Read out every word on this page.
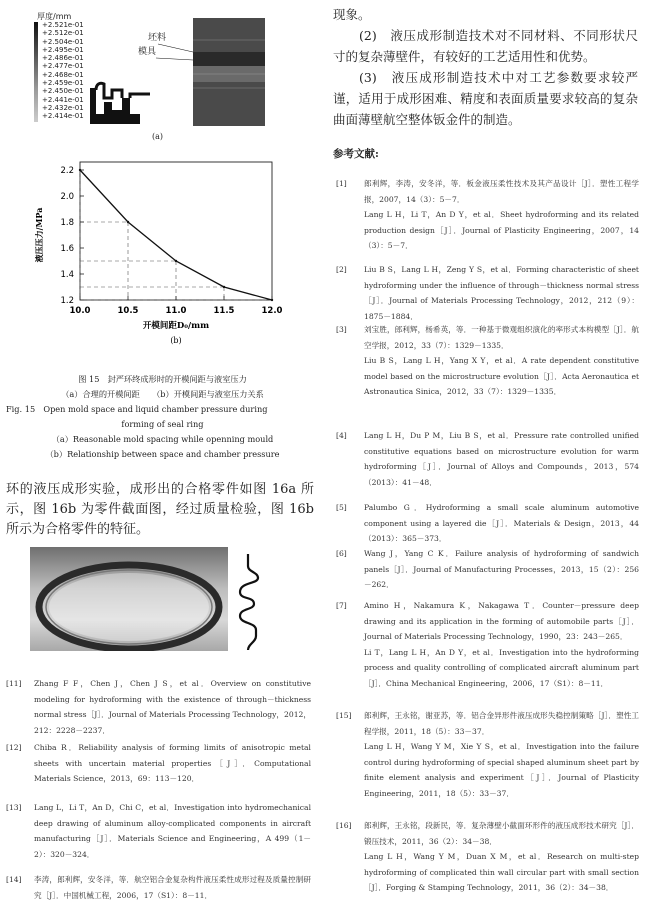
厚度/mm
+2.521e-01
+2.512e-01
+2.504e-01
+2.495e-01
+2.486e-01
+2.477e-01
+2.468e-01
+2.459e-01
+2.450e-01
+2.441e-01
+2.432e-01
+2.414e-01
坯料
模具
(a)
1.2
1.4
1.6
1.8
2.0
2.2
10.0	10.5	11.0	11.5	12.0
开模间距D₀/mm
液压压力/MPa
(b)
图 15　封严环终成形时的开模间距与液室压力
（a）合理的开模间距　　（b）开模间距与液室压力关系
Fig. 15　Open mold space and liquid chamber pressure during
forming of seal ring
（a）Reasonable mold spacing while openning mould
（b）Relationship between space and chamber pressure
环的液压成形实验，成形出的合格零件如图 16a 所示，图 16b 为零件截面图，经过质量检验，图 16b 所示为合格零件的特征。
[11] Zhang F F，Chen J，Chen J S，et al．Overview on constitutive modeling for hydroforming with the existence of through－thickness normal stress［J］．Journal of Materials Processing Technology，2012，212：2228－2237．
[12] Chiba R．Reliability analysis of forming limits of anisotropic metal sheets with uncertain material properties［J］．Computational Materials Science，2013，69：113－120．
[13] Lang L，Li T，An D，Chi C，et al．Investigation into hydromechanical deep drawing of aluminum alloy-complicated components in aircraft manufacturing［J］．Materials Science and Engineering，A 499（1－2）：320－324．
[14] 李涛，郎利辉，安冬洋，等．航空铝合金复杂构件液压柔性成形过程及质量控制研究［J］．中国机械工程，2006，17（S1）：8－11．
现象。
(2)　液压成形制造技术对不同材料、不同形状尺寸的复杂薄壁件，有较好的工艺适用性和优势。
(3)　液压成形制造技术中对工艺参数要求较严谨，适用于成形困难、精度和表面质量要求较高的复杂曲面薄壁航空整体钣金件的制造。
参考文献:
[1] 郎利辉，李涛，安冬洋，等．板金液压柔性技术及其产品设计［J］．塑性工程学报，2007，14（3）：5－7．
Lang L H，Li T，An D Y，et al．Sheet hydroforming and its related production design［J］．Journal of Plasticity Engineering，2007，14（3）：5－7．
[2] Liu B S，Lang L H，Zeng Y S，et al．Forming characteristic of sheet hydroforming under the influence of through－thickness normal stress［J］．Journal of Materials Processing Technology，2012，212（9）：1875－1884．
[3] 刘宝胜，郎利辉，杨希英，等．一种基于微观组织演化的率形式本构模型［J］．航空学报，2012，33（7）：1329－1335．
Liu B S，Lang L H，Yang X Y，et al．A rate dependent constitutive model based on the microstructure evolution［J］．Acta Aeronautica et Astronautica Sinica，2012，33（7）：1329－1335．
[4] Lang L H，Du P M，Liu B S，et al．Pressure rate controlled unified constitutive equations based on microstructure evolution for warm hydroforming［J］．Journal of Alloys and Compounds，2013，574（2013）：41－48．
[5] Palumbo G．Hydroforming a small scale aluminum automotive component using a layered die［J］．Materials & Design，2013，44（2013）：365－373．
[6] Wang J，Yang C K．Failure analysis of hydroforming of sandwich panels［J］．Journal of Manufacturing Processes，2013，15（2）：256－262．
[7] Amino H，Nakamura K，Nakagawa T．Counter－pressure deep drawing and its application in the forming of automobile parts［J］．Journal of Materials Processing Technology，1990，23：243－265．
Li T，Lang L H，An D Y，et al．Investigation into the hydroforming process and quality controlling of complicated aircraft aluminum part［J］．China Mechanical Engineering，2006，17（S1）：8－11．
[15] 郎利辉，王永铭，谢亚苏，等．铝合金异形件液压成形失稳控制策略［J］．塑性工程学报，2011，18（5）：33－37．
Lang L H，Wang Y M，Xie Y S，et al．Investigation into the failure control during hydroforming of special shaped aluminum sheet part by finite element analysis and experiment［J］．Journal of Plasticity Engineering，2011，18（5）：33－37．
[16] 郎利辉，王永铭，段新民，等．复杂薄壁小截面环形件的液压成形技术研究［J］．锻压技术，2011，36（2）：34－38．
Lang L H，Wang Y M，Duan X M，et al．Research on multi-step hydroforming of complicated thin wall circular part with small section［J］．Forging & Stamping Technology，2011，36（2）：34－38．
